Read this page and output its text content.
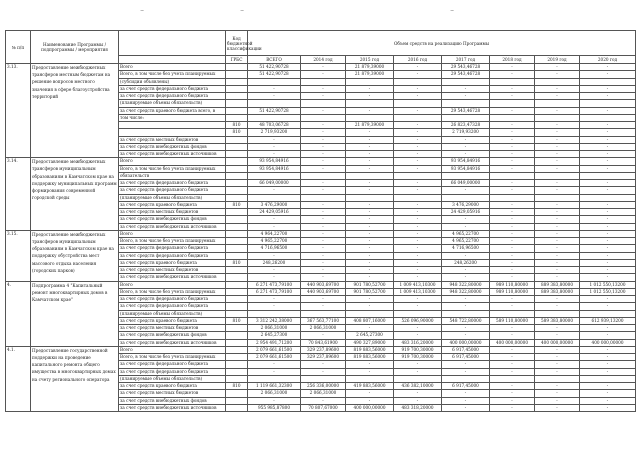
~	~	~
№ п/п	Наименование Программы / подпрограммы / мероприятия		Код бюджетной классификации	Объем средств на реализацию Программы							
			ГРБС	ВСЕГО	2014 год	2015 год	2016 год	2017 год	2018 год	2019 год	2020 год
3.13.	Предоставление межбюджетных трансферов местным бюджетам на решение вопросов местного значения в сфере благоустройства территорий	Всего		51 422,90728	-	21 879,39000	-	29 543,46728	-	-	-
		Всего, в том числе без учета планируемых		51 422,90728	-	21 879,39000	-	29 543,46728	-	-	-
		(субсидии объявлены)									
		за счет средств федерального бюджета		-	-	-	-	-	-	-	-
		за счет средств федерального бюджета		-	-	-	-	-	-	-	-
		(планируемые объемы обязательств)									
		за счет средств краевого бюджета всего, в		51 422,90728	-	-	-	29 543,46728	-	-	-
		том числе:									
			810	48 703,06728	-	21 879,39000	-	26 823,47328	-	-	-
			810	2 719,93200	-	-	-	2 719,93200	-	-	-
		за счет средств местных бюджетов		-	-	-	-	-	-	-	-
		за счет средств внебюджетных фондов		-	-	-	-	-	-	-	-
		за счет средств внебюджетных источников		-	-	-	-	-	-	-	-
3.14.	Предоставление межбюджетных трансферов муниципальным образованиям в Камчатском крае на поддержку муниципальных программ формирования современной городской среды	Всего		93 954,84916	-	-	-	93 954,84916	-	-	-
		Всего, в том числе без учета планируемых		93 954,84916	-	-	-	93 954,84916	-	-	-
		обязательств									
		за счет средств федерального бюджета		66 049,00000	-	-	-	66 049,00000	-	-	-
		за счет средств федерального бюджета		-	-	-	-	-	-	-	-
		(планируемые объемы обязательств)									
		за счет средств краевого бюджета	810	3 476,29000	-	-	-	3 476,29000	-	-	-
		за счет средств местных бюджетов		24 429,05916	-	-	-	24 429,05916	-	-	-
		за счет средств внебюджетных фондов		-	-	-	-	-	-	-	-
		за счет средств внебюджетных источников		-	-	-	-	-	-	-	-
3.15.	Предоставление межбюджетных трансферов муниципальным образованиям в Камчатском крае на поддержку обустройства мест массового отдыха населения (городских парков)	Всего		4 964,22700	-	-	-	4 965,22700	-	-	-
		Всего, в том числе без учета планируемых		4 965,22700	-	-	-	4 965,22700	-	-	-
		за счет средств федерального бюджета		4 716,96500	-	-	-	4 716,96500	-	-	-
		за счет средств федерального бюджета		-	-	-	-	-	-	-	-
		за счет средств краевого бюджета	810	248,26200	-	-	-	248,26200	-	-	-
		за счет средств местных бюджетов		-	-	-	-	-	-	-	-
		за счет средств внебюджетных источников		-	-	-	-	-	-	-	-
4.	Подпрограмма 4 "Капитальный ремонт многоквартирных домов в Камчатском крае"	Всего		6 271 473,79100	440 903,69700	901 780,52700	1 009 413,10300	948 322,80000	989 110,80000	889 383,80000	1 012 550,13200
		Всего, в том числе без учета планируемых		6 271 473,79100	440 903,69700	901 780,52700	1 009 413,10300	948 322,80000	989 110,80000	889 383,80000	1 012 550,13200
		за счет средств федерального бюджета		-	-	-	-	-	-	-	-
		за счет средств федерального бюджета		-	-	-	-	-	-	-	-
		(планируемые объемы обязательств)									
		за счет средств краевого бюджета	810	3 312 242,38000	367 563,77100	408 807,16000	526 096,90000	548 722,80000	589 110,80000	589 383,80000	612 939,13200
		за счет средств местных бюджетов		2 066,31000	2 066,31000	-	-	-	-	-	-
		за счет средств внебюджетных фондов		2 645,27300	-	2 645,27300	-	-	-	-	-
		за счет средств внебюджетных источников		2 954 491,71200	70 843,61900	490 327,89000	483 316,20000	400 000,00000	400 000,00000	400 000,00000	400 000,00000
4.1.	Предоставление государственной поддержки на проведение капитального ремонта общего имущества в многоквартирных домах на счету регионального оператора	Всего		2 079 661,61500	329 237,89600	819 883,56000	919 700,30000	6 917,45000	-	-	-
		Всего, в том числе без учета планируемых		2 079 661,61500	329 237,89600	819 883,56000	919 700,30000	6 917,45000	-	-	-
		за счет средств федерального бюджета		-	-	-	-	-	-	-	-
		за счет средств федерального бюджета		-	-	-	-	-	-	-	-
		(планируемые объемы обязательств)									
		за счет средств краевого бюджета	810	1 119 661,32300	256 336,00000	419 883,56000	436 382,10000	6 917,45000	-	-	-
		за счет средств местных бюджетов		2 066,31000	2 066,31000	-	-	-	-	-	-
		за счет средств внебюджетных фондов		-	-	-	-	-	-	-	-
		за счет средств внебюджетных источников		955 985,87800	70 807,67000	400 000,00000	483 318,20000	-	-	-	-
